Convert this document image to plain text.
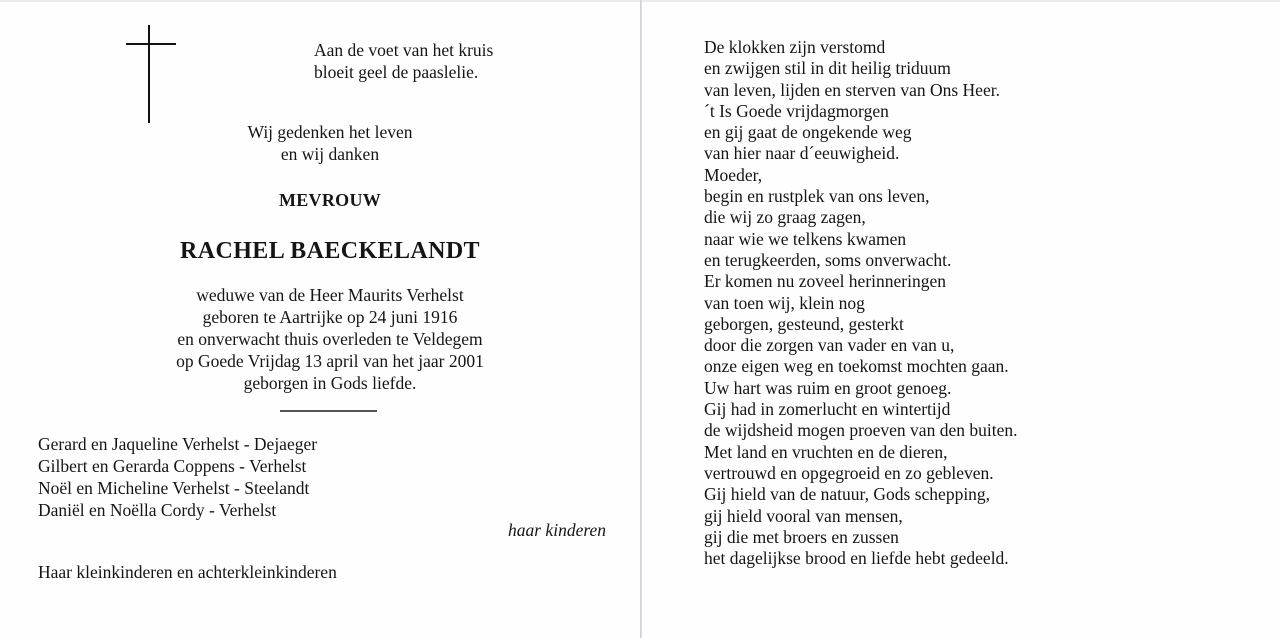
Aan de voet van het kruis
bloeit geel de paaslelie.
Wij gedenken het leven
en wij danken
MEVROUW
RACHEL BAECKELANDT
weduwe van de Heer Maurits Verhelst
geboren te Aartrijke op 24 juni 1916
en onverwacht thuis overleden te Veldegem
op Goede Vrijdag 13 april van het jaar 2001
geborgen in Gods liefde.
Gerard en Jaqueline Verhelst - Dejaeger
Gilbert en Gerarda Coppens - Verhelst
Noël en Micheline Verhelst - Steelandt
Daniël en Noëlla Cordy - Verhelst
haar kinderen
Haar kleinkinderen en achterkleinkinderen
De klokken zijn verstomd
en zwijgen stil in dit heilig triduum
van leven, lijden en sterven van Ons Heer.
´t Is Goede vrijdagmorgen
en gij gaat de ongekende weg
van hier naar d´eeuwigheid.
Moeder,
begin en rustplek van ons leven,
die wij zo graag zagen,
naar wie we telkens kwamen
en terugkeerden, soms onverwacht.
Er komen nu zoveel herinneringen
van toen wij, klein nog
geborgen, gesteund, gesterkt
door die zorgen van vader en van u,
onze eigen weg en toekomst mochten gaan.
Uw hart was ruim en groot genoeg.
Gij had in zomerlucht en wintertijd
de wijdsheid mogen proeven van den buiten.
Met land en vruchten en de dieren,
vertrouwd en opgegroeid en zo gebleven.
Gij hield van de natuur, Gods schepping,
gij hield vooral van mensen,
gij die met broers en zussen
het dagelijkse brood en liefde hebt gedeeld.
